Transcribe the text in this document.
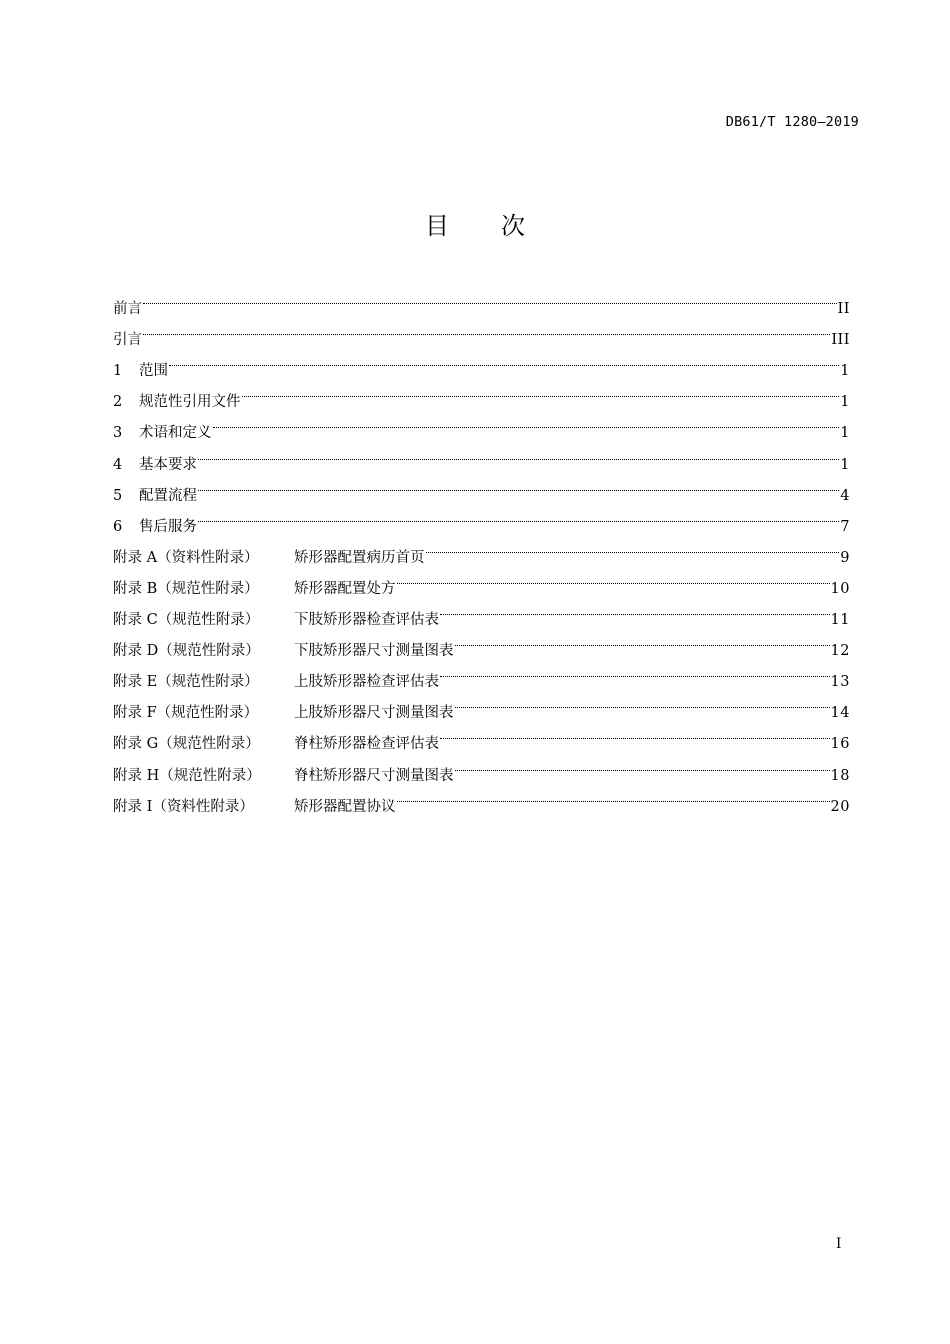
DB61/T 1280—2019
目次
前言	II
引言	III
1 范围	1
2 规范性引用文件	1
3 术语和定义	1
4 基本要求	1
5 配置流程	4
6 售后服务	7
附录 A（资料性附录） 矫形器配置病历首页	9
附录 B（规范性附录） 矫形器配置处方	10
附录 C（规范性附录） 下肢矫形器检查评估表	11
附录 D（规范性附录） 下肢矫形器尺寸测量图表	12
附录 E（规范性附录） 上肢矫形器检查评估表	13
附录 F（规范性附录） 上肢矫形器尺寸测量图表	14
附录 G（规范性附录） 脊柱矫形器检查评估表	16
附录 H（规范性附录） 脊柱矫形器尺寸测量图表	18
附录 I（资料性附录）	矫形器配置协议	20
I
